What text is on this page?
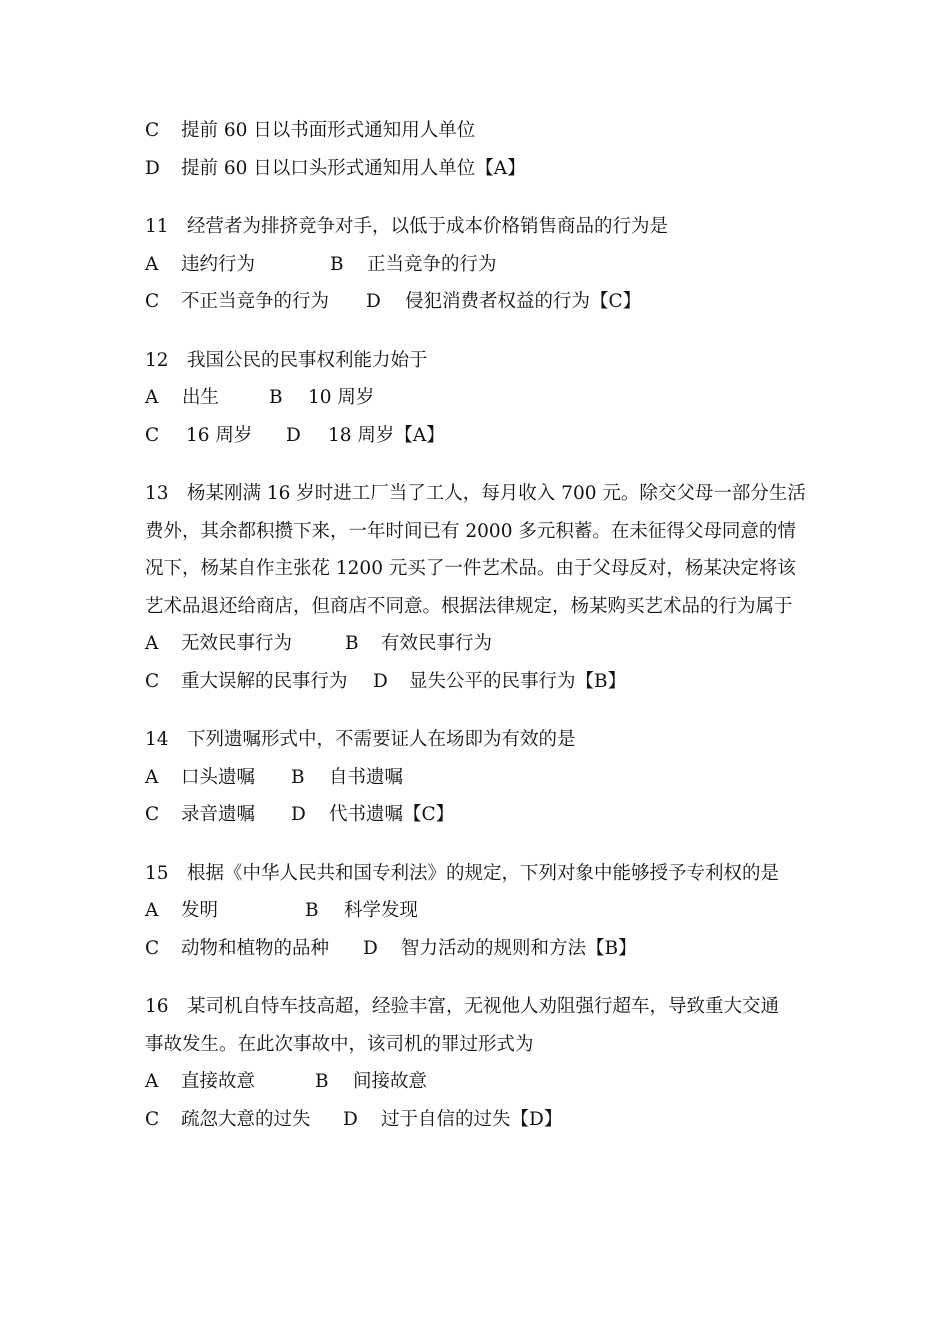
C 提前 60 日以书面形式通知用人单位
D 提前 60 日以口头形式通知用人单位【A】
11 经营者为排挤竞争对手，以低于成本价格销售商品的行为是
A 违约行为	B 正当竞争的行为
C 不正当竞争的行为 D 侵犯消费者权益的行为【C】
12 我国公民的民事权利能力始于
A 出生	B 10 周岁
C 16 周岁 D 18 周岁【A】
13 杨某刚满 16 岁时进工厂当了工人，每月收入 700 元。除交父母一部分生活
费外，其余都积攒下来，一年时间已有 2000 多元积蓄。在未征得父母同意的情
况下，杨某自作主张花 1200 元买了一件艺术品。由于父母反对，杨某决定将该
艺术品退还给商店，但商店不同意。根据法律规定，杨某购买艺术品的行为属于
A 无效民事行为	B 有效民事行为
C 重大误解的民事行为 D 显失公平的民事行为【B】
14 下列遗嘱形式中，不需要证人在场即为有效的是
A 口头遗嘱 B 自书遗嘱
C 录音遗嘱 D 代书遗嘱【C】
15 根据《中华人民共和国专利法》的规定，下列对象中能够授予专利权的是
A 发明	B 科学发现
C 动物和植物的品种 D 智力活动的规则和方法【B】
16 某司机自恃车技高超，经验丰富，无视他人劝阻强行超车，导致重大交通
事故发生。在此次事故中，该司机的罪过形式为
A 直接故意	B 间接故意
C 疏忽大意的过失 D 过于自信的过失【D】
